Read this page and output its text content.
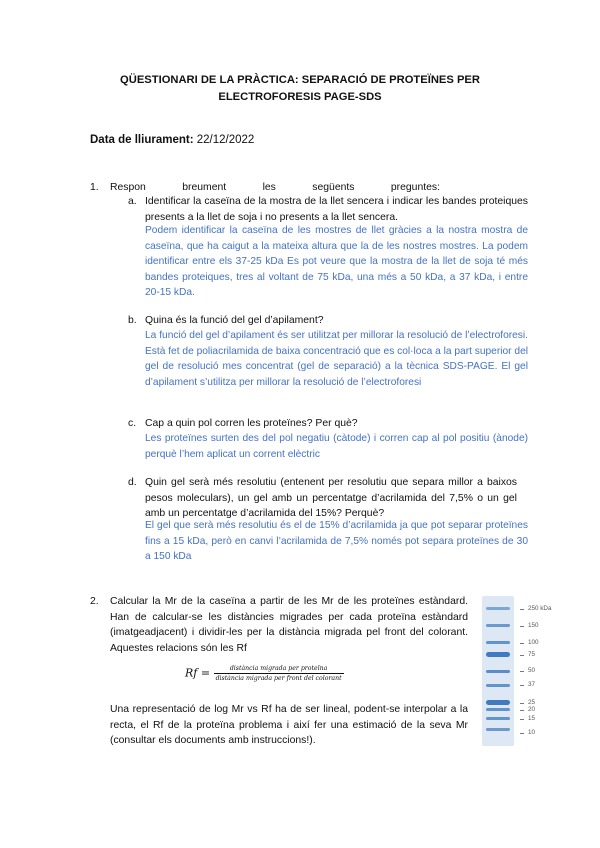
QÜESTIONARI DE LA PRÀCTICA: SEPARACIÓ DE PROTEÏNES PER
ELECTROFORESIS PAGE-SDS
Data de lliurament: 22/12/2022
1. Respon	breument	les	següents	preguntes:
a. Identificar la caseïna de la mostra de la llet sencera i indicar les bandes proteiques presents a la llet de soja i no presents a la llet sencera.
Podem identificar la caseïna de les mostres de llet gràcies a la nostra mostra de caseïna, que ha caigut a la mateixa altura que la de les nostres mostres. La podem identificar entre els 37-25 kDa Es pot veure que la mostra de la llet de soja té més bandes proteiques, tres al voltant de 75 kDa, una més a 50 kDa, a 37 kDa, i entre 20-15 kDa.
b. Quina és la funció del gel d’apilament?
La funció del gel d’apilament és ser utilitzat per millorar la resolució de l’electroforesi. Està fet de poliacrilamida de baixa concentració que es col·loca a la part superior del gel de resolució mes concentrat (gel de separació) a la tècnica SDS-PAGE. El gel d’apilament s’utilitza per millorar la resolució de l’electroforesi
c. Cap a quin pol corren les proteïnes? Per què?
Les proteïnes surten des del pol negatiu (càtode) i corren cap al pol positiu (ànode) perquè l’hem aplicat un corrent elèctric
d. Quin gel serà més resolutiu (entenent per resolutiu que separa millor a baixos pesos moleculars), un gel amb un percentatge d’acrilamida del 7,5% o un gel amb un percentatge d’acrilamida del 15%? Perquè?
El gel que serà més resolutiu és el de 15% d’acrilamida ja que pot separar proteïnes fins a 15 kDa, però en canvi l’acrilamida de 7,5% només pot separa proteïnes de 30 a 150 kDa
2. Calcular la Mr de la caseïna a partir de les Mr de les proteïnes estàndard. Han de calcular-se les distàncies migrades per cada proteïna estàndard (imatgeadjacent) i dividir-les per la distància migrada pel front del colorant. Aquestes relacions són les Rf
$Rf = \frac{\text{distància migrada per proteïna}}{\text{distància migrada per front del colorant}}$
Una representació de log Mr vs Rf ha de ser lineal, podent-se interpolar a la recta, el Rf de la proteïna problema i així fer una estimació de la seva Mr (consultar els documents amb instruccions!).
250 kDa
150
100
75
50
37
25
20
15
10
